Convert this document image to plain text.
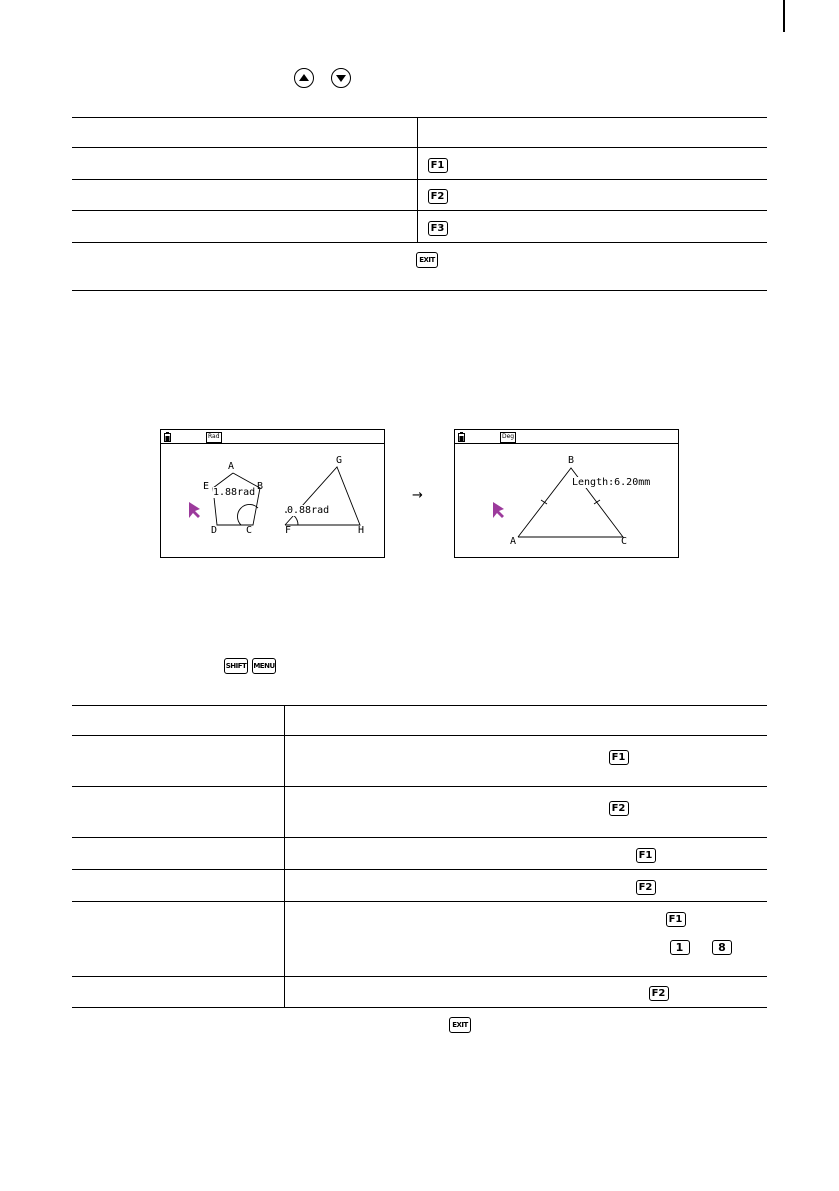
	F1
	F2
	F3
EXIT
Rad
A
B
C
D
E
1.88rad
F
G
H
0.88rad
→
Deg
A
B
C
Length:6.20mm
SHIFT MENU

	F1
	F2
	F1
	F2
	F1
1 8

	F2
EXIT
